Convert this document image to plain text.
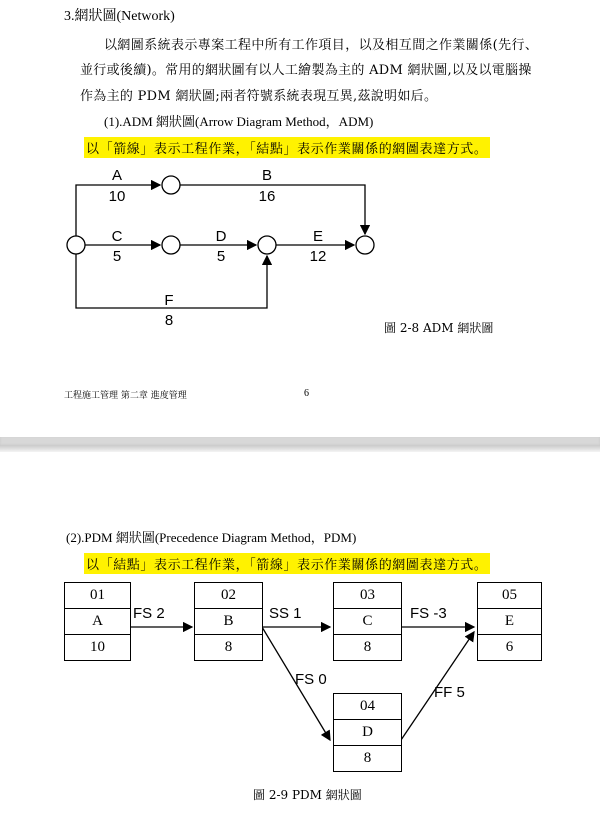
3.網狀圖(Network)
以網圖系統表示專案工程中所有工作項目，以及相互間之作業關係(先行、
並行或後續)。常用的網狀圖有以人工繪製為主的 ADM 網狀圖,以及以電腦操
作為主的 PDM 網狀圖;兩者符號系統表現互異,茲說明如后。
(1).ADM 網狀圖(Arrow Diagram Method，ADM)
以「箭線」表示工程作業，「結點」表示作業關係的網圖表達方式。
A
10
B
16
C
5
D
5
E
12
F
8	圖 2-8 ADM 網狀圖
工程施工管理 第二章 進度管理	6
(2).PDM 網狀圖(Precedence Diagram Method，PDM)
以「結點」表示工程作業，「箭線」表示作業關係的網圖表達方式。
FS 2	SS 1	FS -3
FS 0
FF 5
01
A
10
02
B
8
03
C
8
04
D
8
05
E
6
圖 2-9 PDM 網狀圖
